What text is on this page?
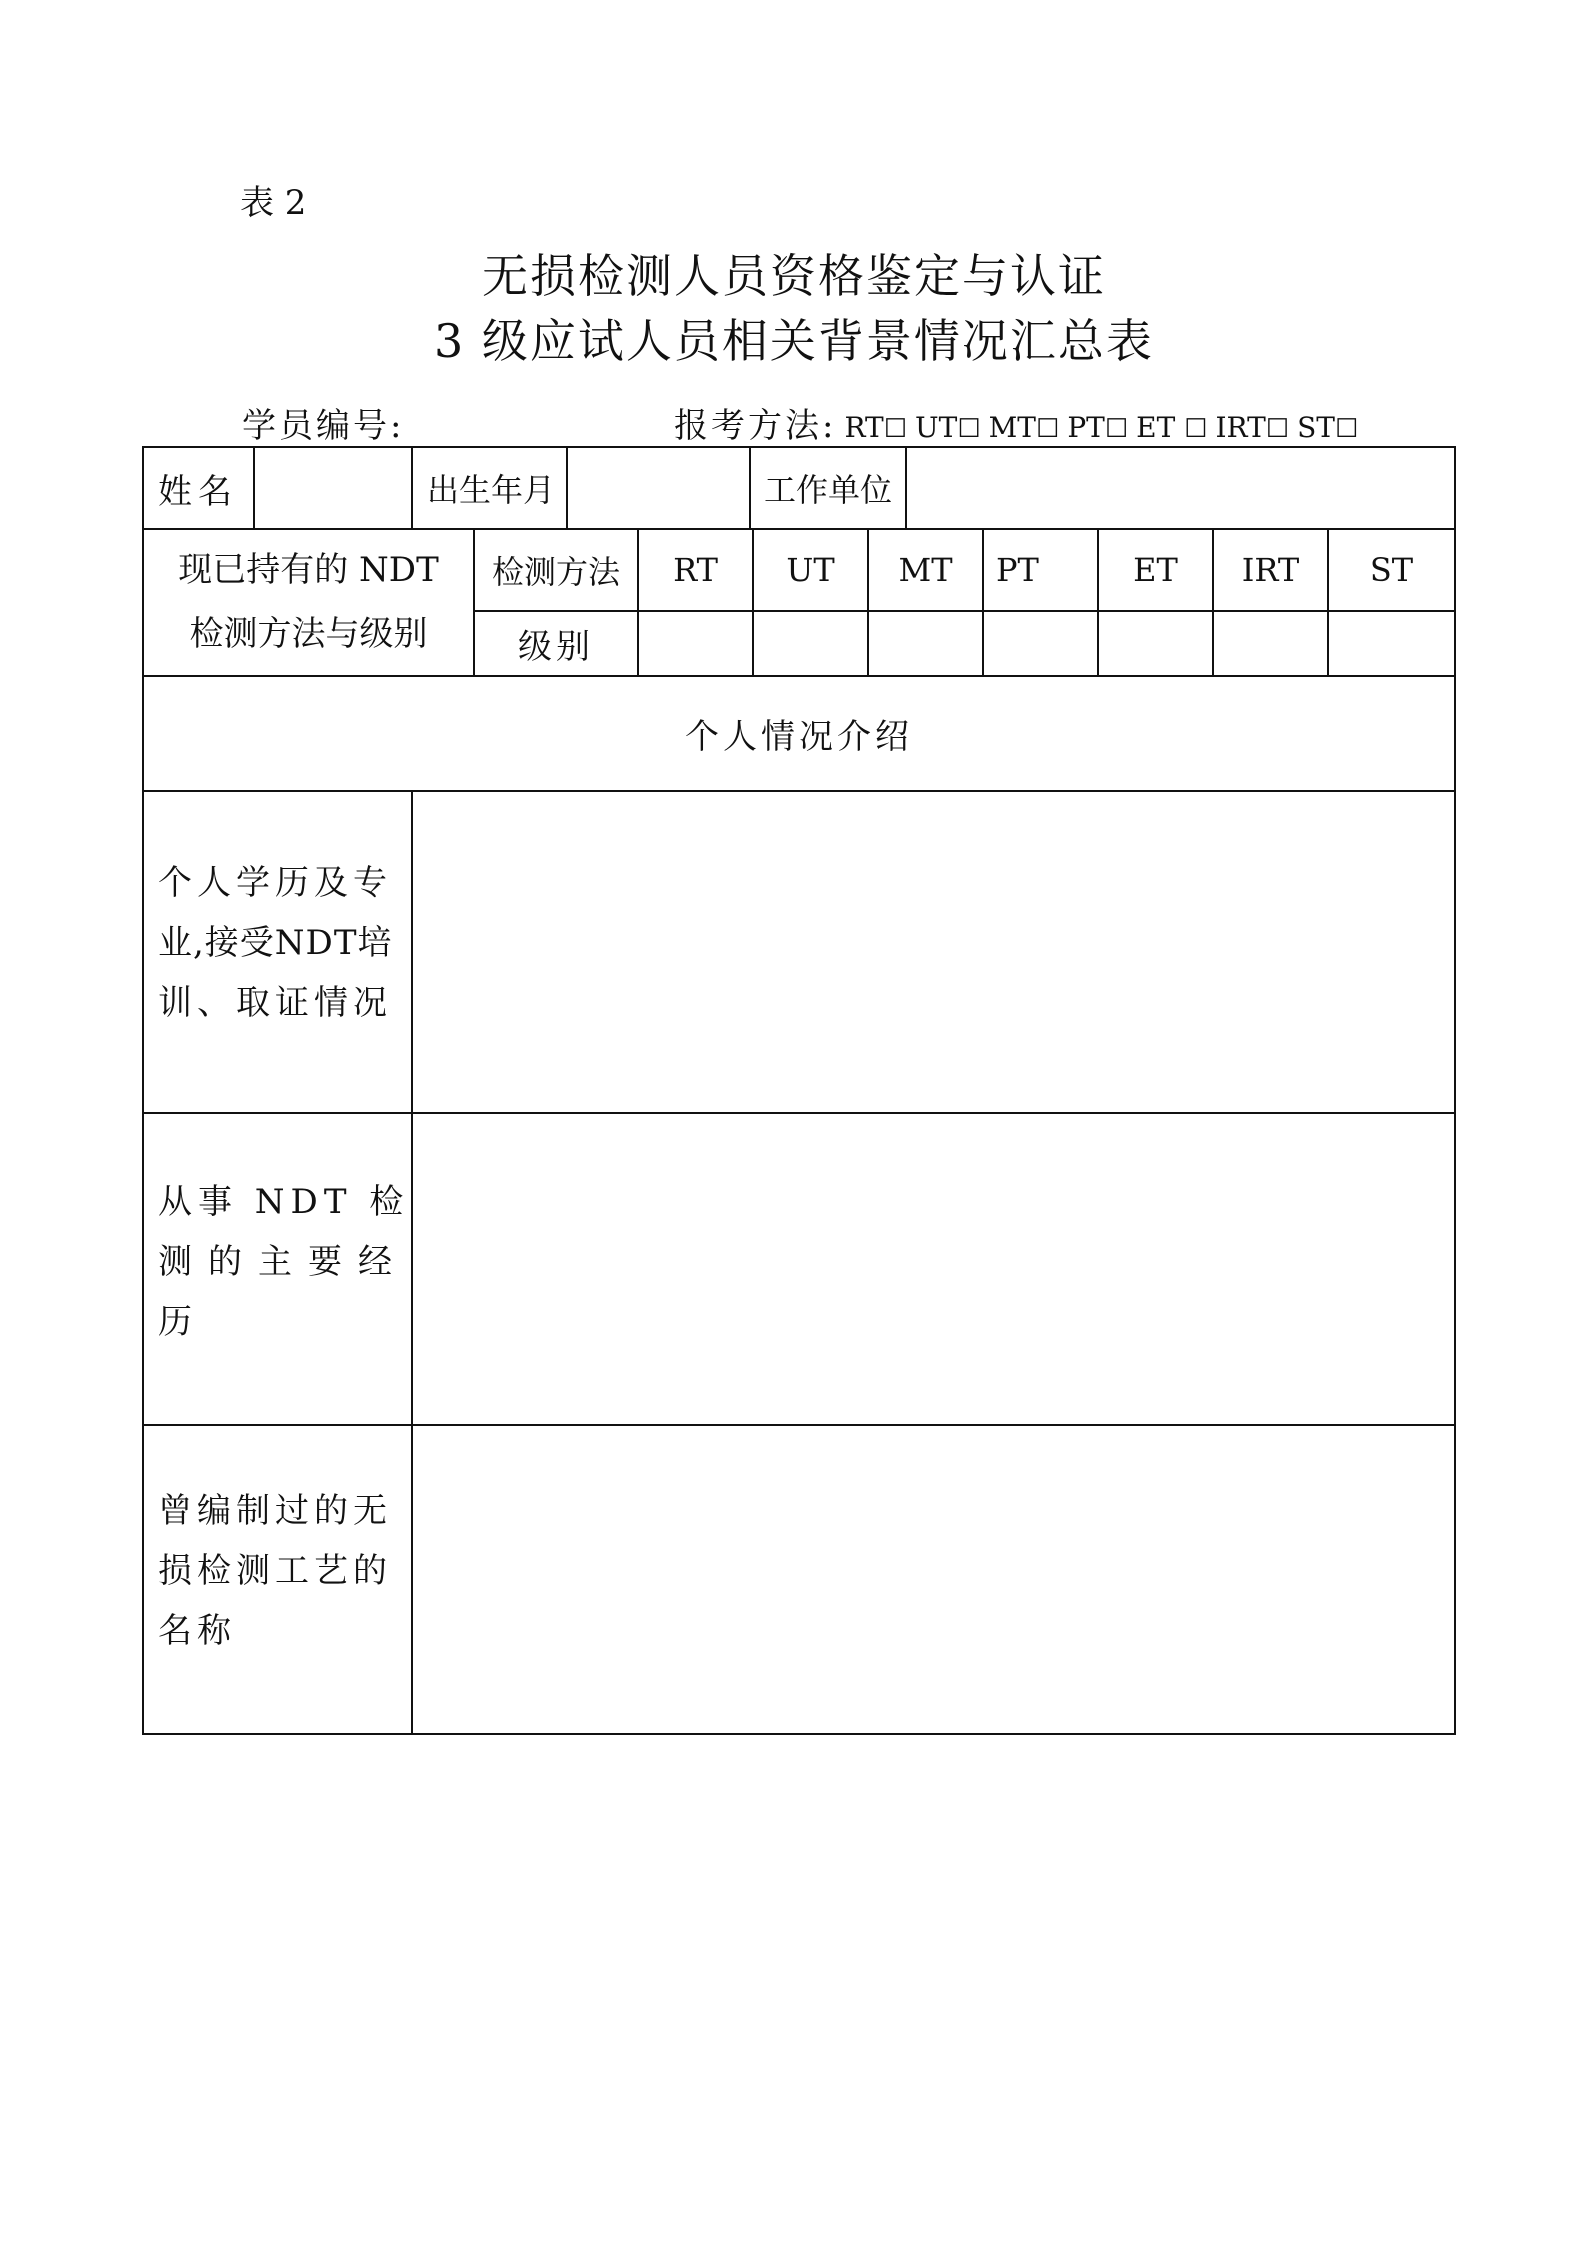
表 2
无损检测人员资格鉴定与认证
3 级应试人员相关背景情况汇总表
学员编号:	报考方法: RT☐ UT☐ MT☐ PT☐ ET ☐ IRT☐ ST☐
姓名	出生年月	工作单位
现已持有的 NDT
检测方法与级别
检测方法	RT	UT	MT	PT	ET	IRT	ST
级别
个人情况介绍
个人学历及专
业,接受NDT培
训、取证情况
从事 NDT 检
测的主要经
历
曾编制过的无
损检测工艺的
名称
